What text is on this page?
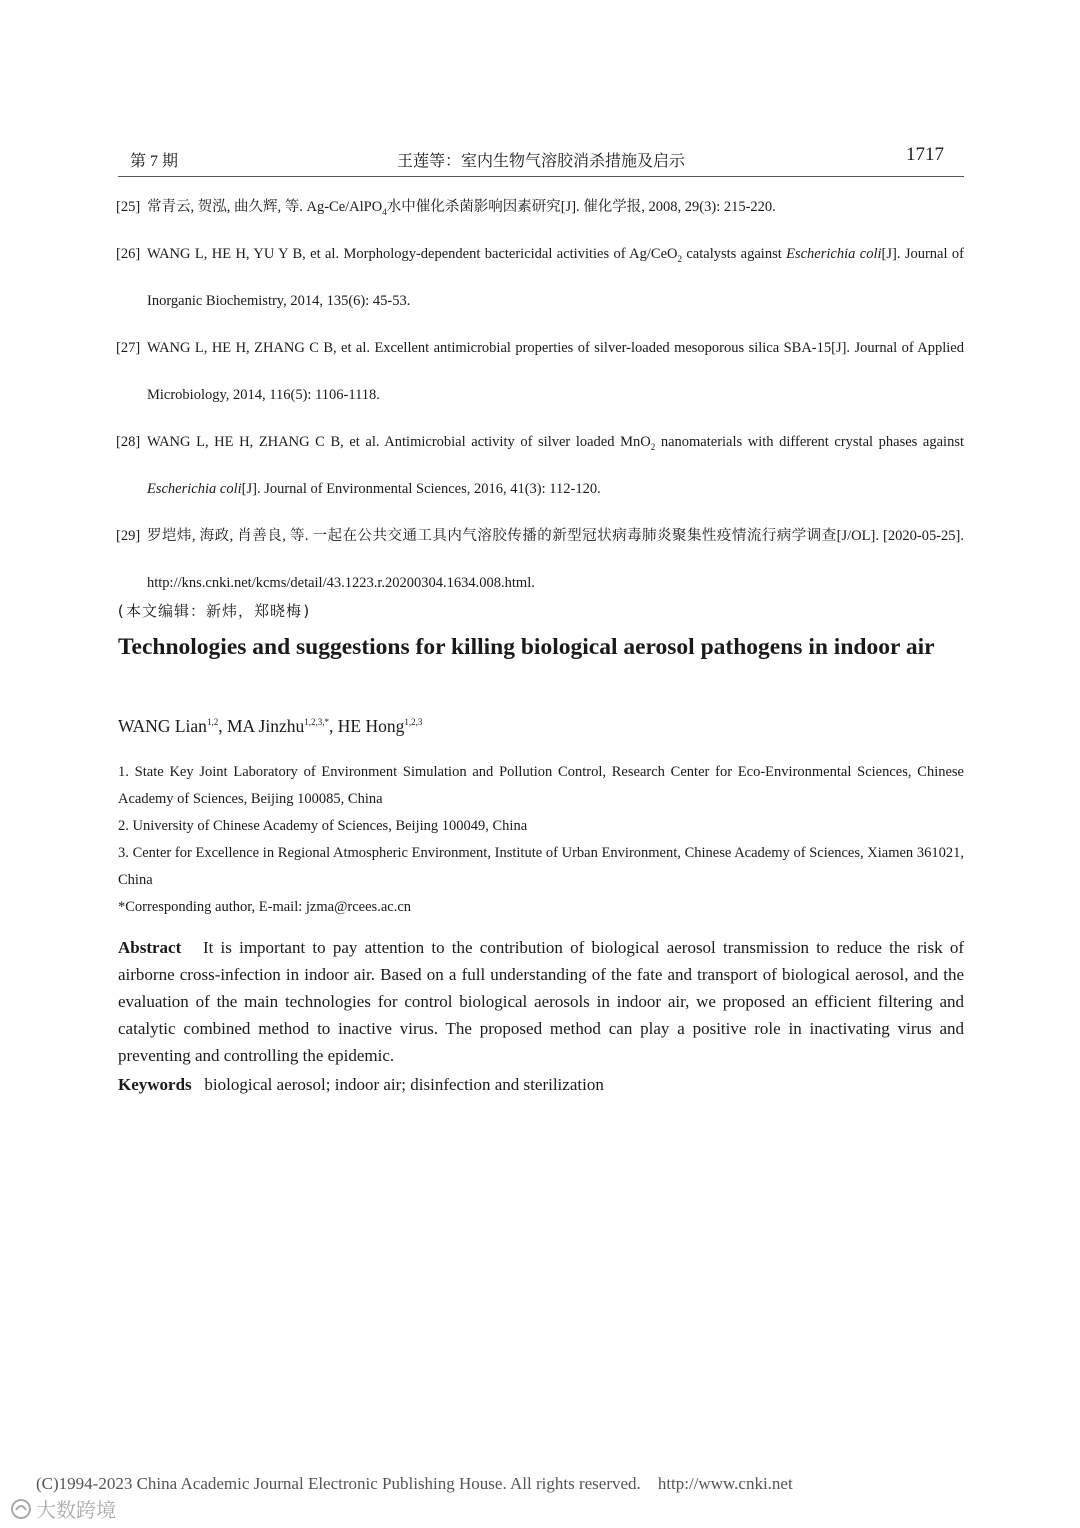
第 7 期	王莲等：室内生物气溶胶消杀措施及启示	1717
[25] 常青云, 贺泓, 曲久辉, 等. Ag-Ce/AlPO$_4$水中催化杀菌影响因素研究[J]. 催化学报, 2008, 29(3): 215-220.
[26] WANG L, HE H, YU Y B, et al. Morphology-dependent bactericidal activities of Ag/CeO$_2$ catalysts against Escherichia coli[J]. Journal of Inorganic Biochemistry, 2014, 135(6): 45-53.
[27] WANG L, HE H, ZHANG C B, et al. Excellent antimicrobial properties of silver-loaded mesoporous silica SBA-15[J]. Journal of Applied Microbiology, 2014, 116(5): 1106-1118.
[28] WANG L, HE H, ZHANG C B, et al. Antimicrobial activity of silver loaded MnO$_2$ nanomaterials with different crystal phases against Escherichia coli[J]. Journal of Environmental Sciences, 2016, 41(3): 112-120.
[29] 罗垲炜, 海政, 肖善良, 等. 一起在公共交通工具内气溶胶传播的新型冠状病毒肺炎聚集性疫情流行病学调查[J/OL]. [2020-05-25]. http://kns.cnki.net/kcms/detail/43.1223.r.20200304.1634.008.html.
(本文编辑：新炜，郑晓梅)
Technologies and suggestions for killing biological aerosol pathogens in indoor air
WANG Lian$^{1,2}$, MA Jinzhu$^{1,2,3,*}$, HE Hong$^{1,2,3}$
1. State Key Joint Laboratory of Environment Simulation and Pollution Control, Research Center for Eco-Environmental Sciences, Chinese Academy of Sciences, Beijing 100085, China
2. University of Chinese Academy of Sciences, Beijing 100049, China
3. Center for Excellence in Regional Atmospheric Environment, Institute of Urban Environment, Chinese Academy of Sciences, Xiamen 361021, China
*Corresponding author, E-mail: jzma@rcees.ac.cn
Abstract It is important to pay attention to the contribution of biological aerosol transmission to reduce the risk of airborne cross-infection in indoor air. Based on a full understanding of the fate and transport of biological aerosol, and the evaluation of the main technologies for control biological aerosols in indoor air, we proposed an efficient filtering and catalytic combined method to inactive virus. The proposed method can play a positive role in inactivating virus and preventing and controlling the epidemic.
Keywords biological aerosol; indoor air; disinfection and sterilization
(C)1994-2023 China Academic Journal Electronic Publishing House. All rights reserved. http://www.cnki.net
大数跨境
